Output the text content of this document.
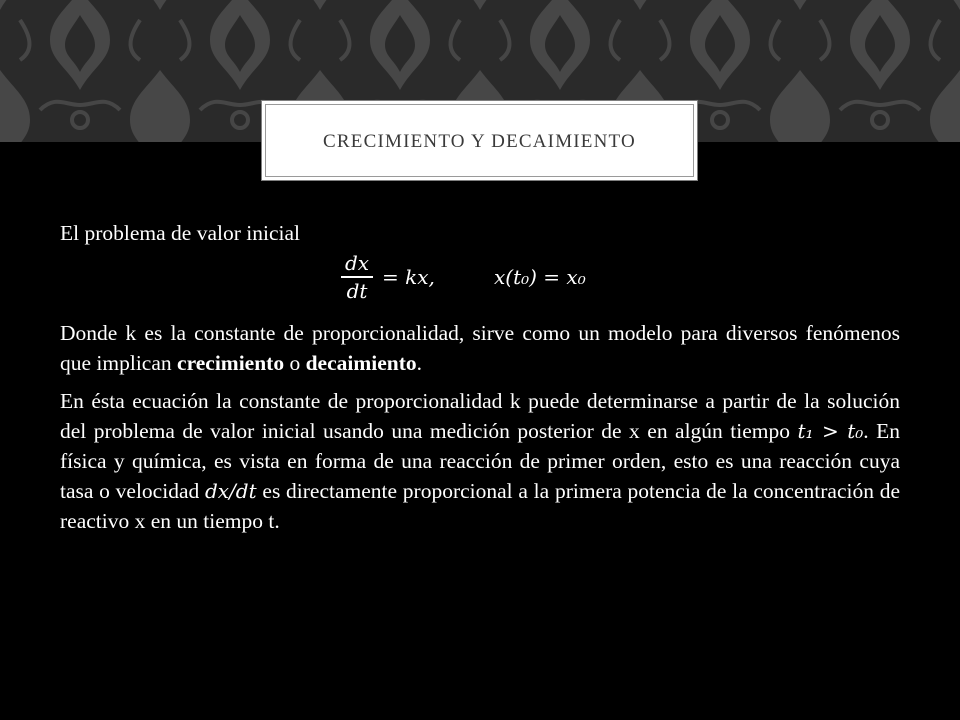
CRECIMIENTO Y DECAIMIENTO

El problema de valor inicial

dx
dt
= kx,	x(t₀) = x₀

Donde k es la constante de proporcionalidad, sirve como un modelo para diversos fenómenos que implican crecimiento o decaimiento.

En ésta ecuación la constante de proporcionalidad k puede determinarse a partir de la solución del problema de valor inicial usando una medición posterior de x en algún tiempo t₁ > t₀. En física y química, es vista en forma de una reacción de primer orden, esto es una reacción cuya tasa o velocidad dx/dt es directamente proporcional a la primera potencia de la concentración de reactivo x en un tiempo t.
